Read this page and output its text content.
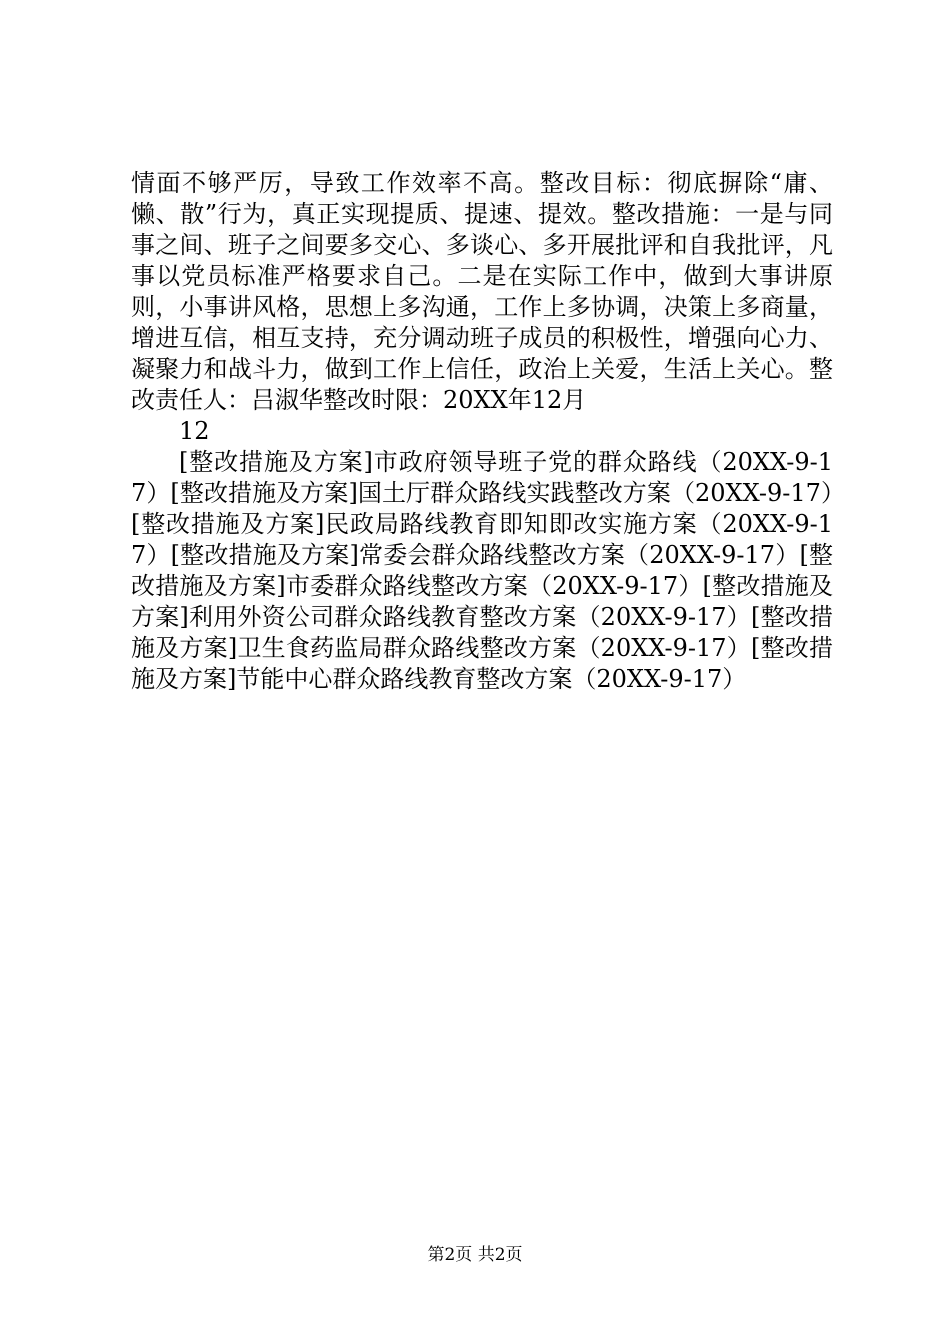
情面不够严厉，导致工作效率不高。整改目标：彻底摒除“庸、懒、散”行为，真正实现提质、提速、提效。整改措施：一是与同事之间、班子之间要多交心、多谈心、多开展批评和自我批评，凡事以党员标准严格要求自己。二是在实际工作中，做到大事讲原则，小事讲风格，思想上多沟通，工作上多协调，决策上多商量，增进互信，相互支持，充分调动班子成员的积极性，增强向心力、凝聚力和战斗力，做到工作上信任，政治上关爱，生活上关心。整改责任人：吕淑华整改时限：20XX年12月

12

[整改措施及方案]市政府领导班子党的群众路线（20XX-9-17）[整改措施及方案]国土厅群众路线实践整改方案（20XX-9-17）[整改措施及方案]民政局路线教育即知即改实施方案（20XX-9-17）[整改措施及方案]常委会群众路线整改方案（20XX-9-17）[整改措施及方案]市委群众路线整改方案（20XX-9-17）[整改措施及方案]利用外资公司群众路线教育整改方案（20XX-9-17）[整改措施及方案]卫生食药监局群众路线整改方案（20XX-9-17）[整改措施及方案]节能中心群众路线教育整改方案（20XX-9-17）

第2页 共2页
